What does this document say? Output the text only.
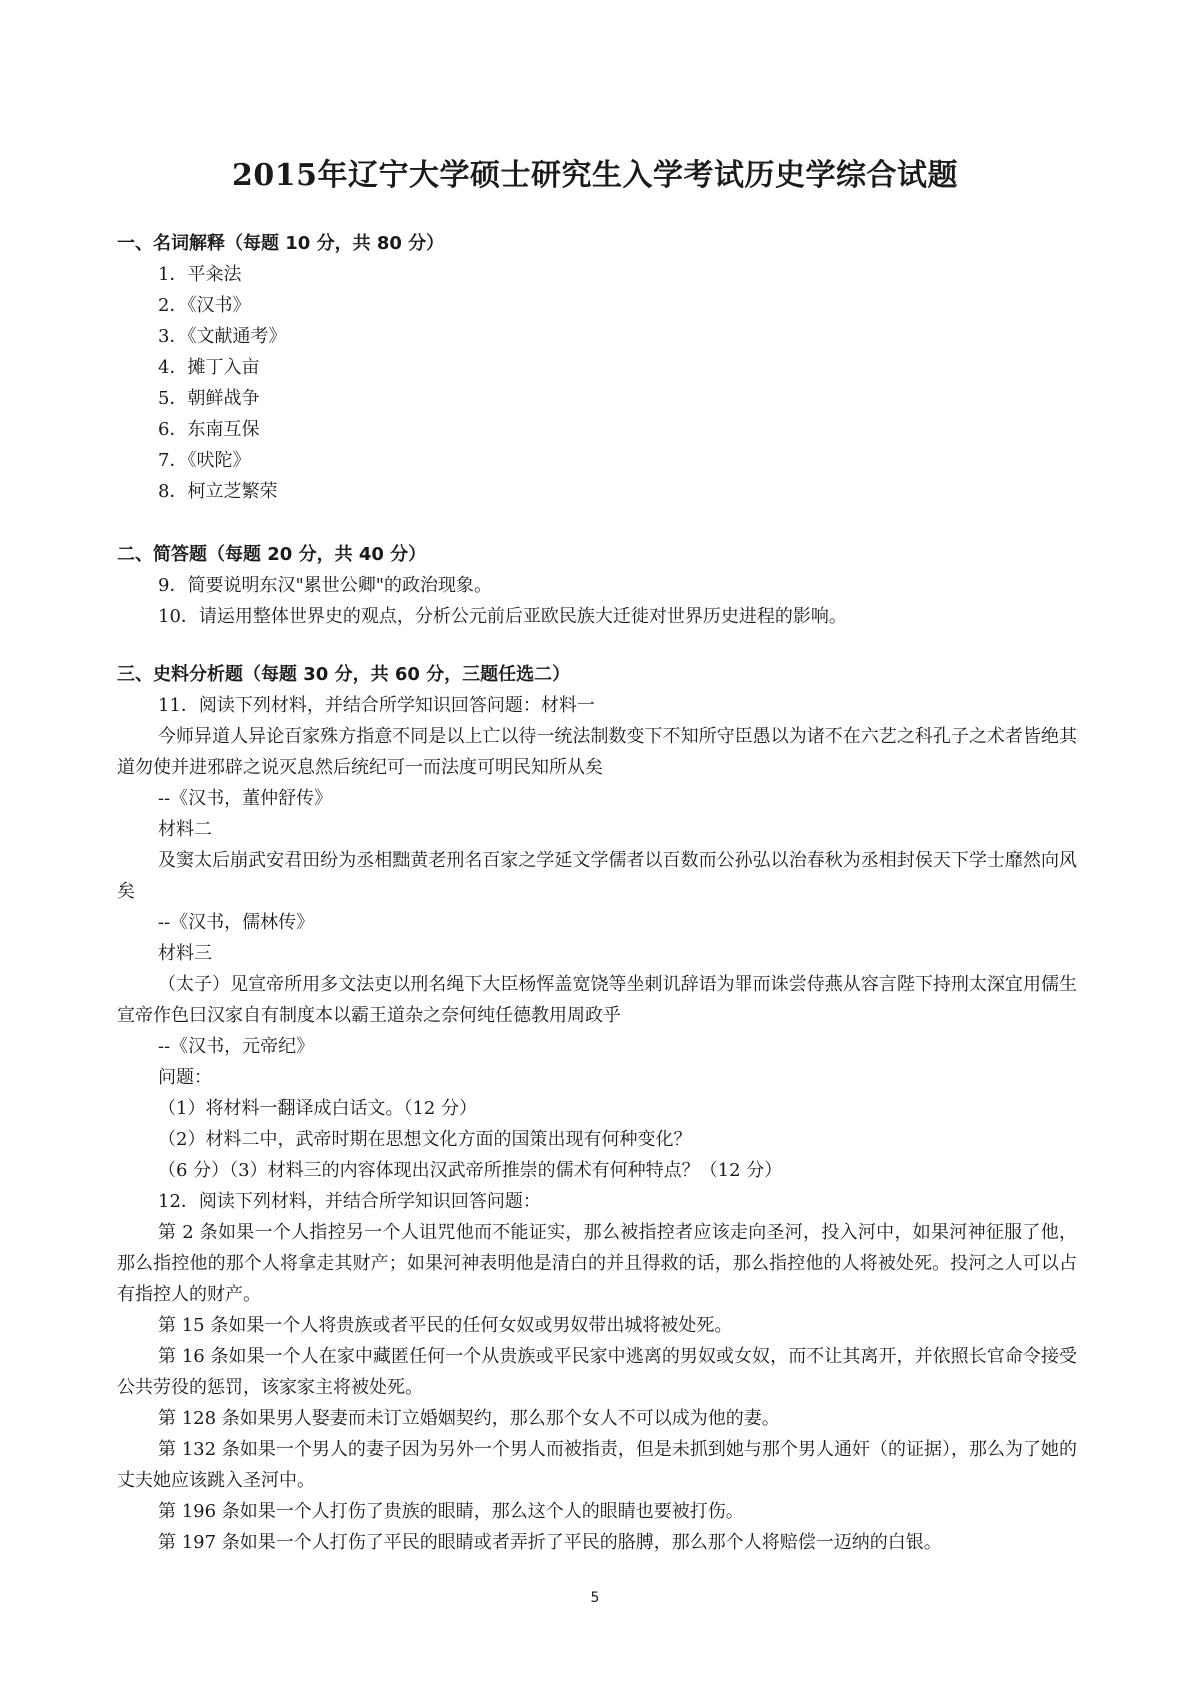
2015年辽宁大学硕士研究生入学考试历史学综合试题
一、名词解释（每题 10 分，共 80 分）
1．平籴法
2．《汉书》
3．《文献通考》
4．摊丁入亩
5．朝鲜战争
6．东南互保
7．《吠陀》
8．柯立芝繁荣
二、简答题（每题 20 分，共 40 分）
9．简要说明东汉"累世公卿"的政治现象。
10．请运用整体世界史的观点，分析公元前后亚欧民族大迁徙对世界历史进程的影响。
三、史料分析题（每题 30 分，共 60 分，三题任选二）
11．阅读下列材料，并结合所学知识回答问题：材料一
今师异道人异论百家殊方指意不同是以上亡以待一统法制数变下不知所守臣愚以为诸不在六艺之科孔子之术者皆绝其道勿使并进邪辟之说灭息然后统纪可一而法度可明民知所从矣
--《汉书，董仲舒传》
材料二
及窦太后崩武安君田纷为丞相黜黄老刑名百家之学延文学儒者以百数而公孙弘以治春秋为丞相封侯天下学士靡然向风矣
--《汉书，儒林传》
材料三
（太子）见宣帝所用多文法吏以刑名绳下大臣杨恽盖宽饶等坐刺讥辞语为罪而诛尝侍燕从容言陛下持刑太深宜用儒生宣帝作色曰汉家自有制度本以霸王道杂之奈何纯任德教用周政乎
--《汉书，元帝纪》
问题：
（1）将材料一翻译成白话文。（12 分）
（2）材料二中，武帝时期在思想文化方面的国策出现有何种变化？
（6 分）（3）材料三的内容体现出汉武帝所推崇的儒术有何种特点？（12 分）
12．阅读下列材料，并结合所学知识回答问题：
第 2 条如果一个人指控另一个人诅咒他而不能证实，那么被指控者应该走向圣河，投入河中，如果河神征服了他，那么指控他的那个人将拿走其财产；如果河神表明他是清白的并且得救的话，那么指控他的人将被处死。投河之人可以占有指控人的财产。
第 15 条如果一个人将贵族或者平民的任何女奴或男奴带出城将被处死。
第 16 条如果一个人在家中藏匿任何一个从贵族或平民家中逃离的男奴或女奴，而不让其离开，并依照长官命令接受公共劳役的惩罚，该家家主将被处死。
第 128 条如果男人娶妻而未订立婚姻契约，那么那个女人不可以成为他的妻。
第 132 条如果一个男人的妻子因为另外一个男人而被指责，但是未抓到她与那个男人通奸（的证据），那么为了她的丈夫她应该跳入圣河中。
第 196 条如果一个人打伤了贵族的眼睛，那么这个人的眼睛也要被打伤。
第 197 条如果一个人打伤了平民的眼睛或者弄折了平民的胳膊，那么那个人将赔偿一迈纳的白银。
5
